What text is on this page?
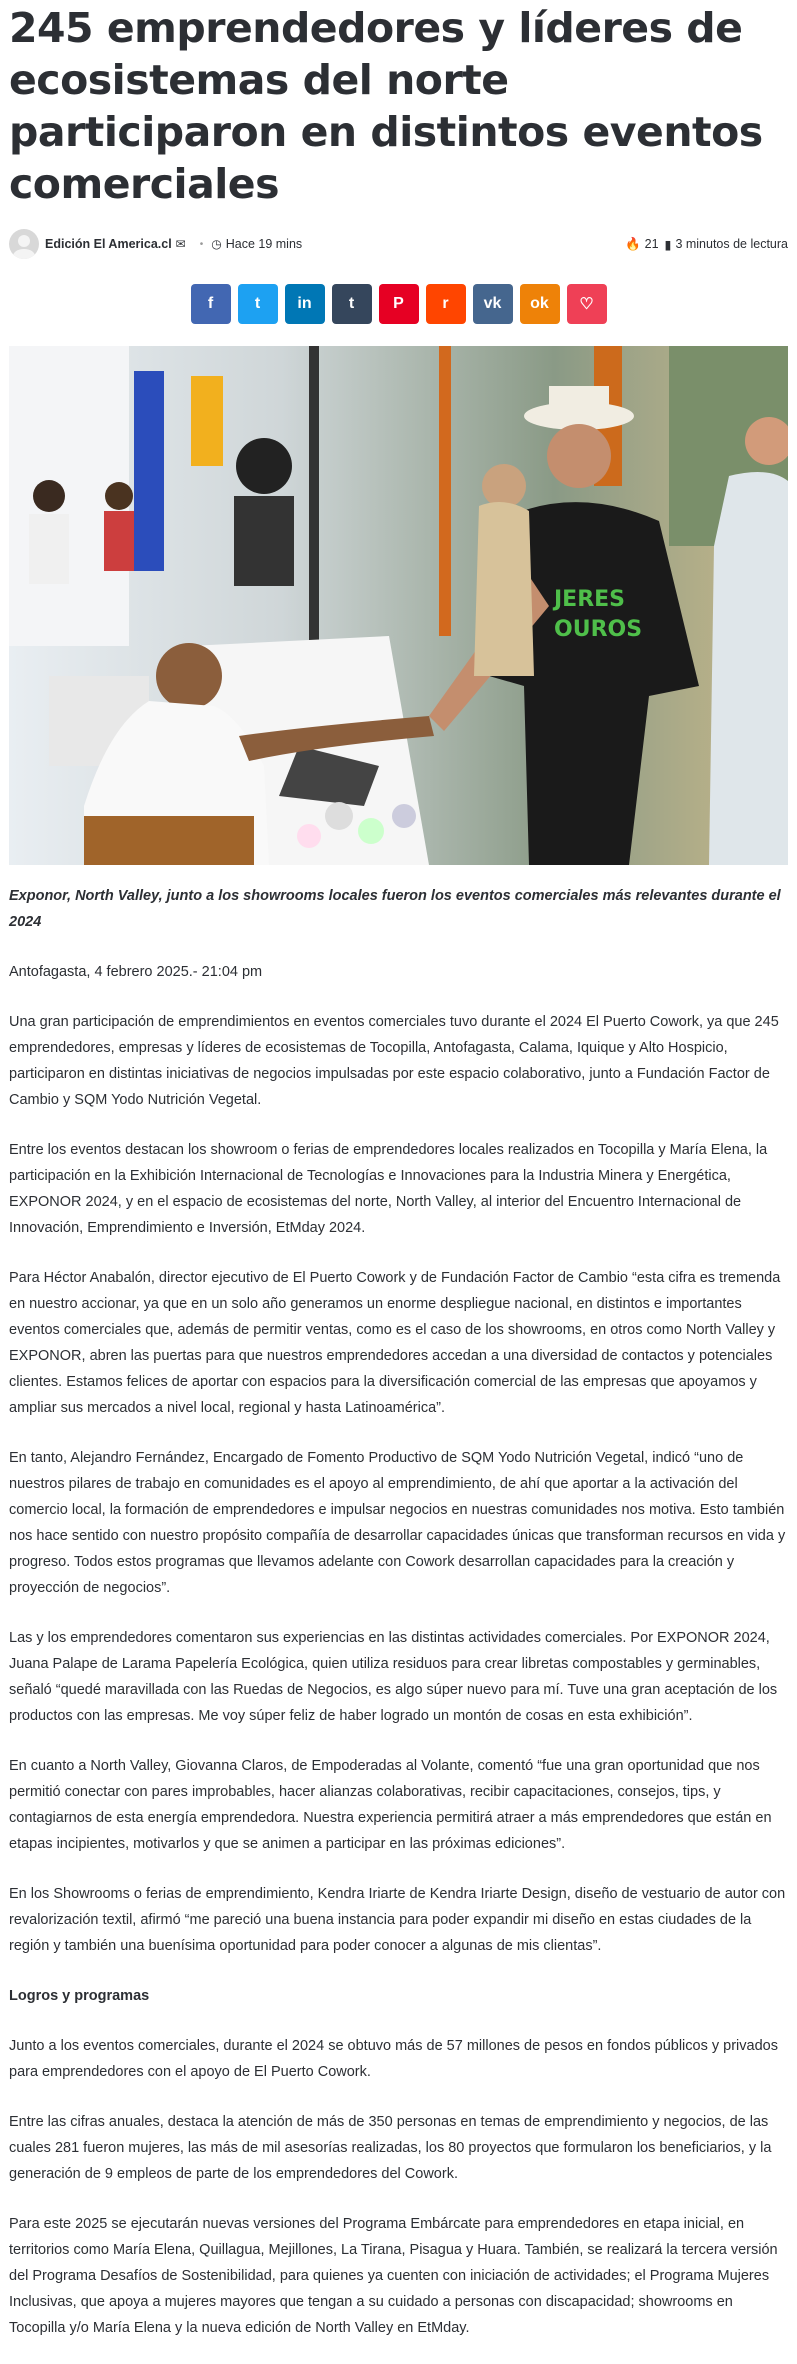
245 emprendedores y líderes de ecosistemas del norte participaron en distintos eventos comerciales
Edición El America.cl ✉ • ◷ Hace 19 mins	🔥 21 ▮ 3 minutos de lectura
f	t in t P r vk ok ♡
JERES
OUROS

Exponor, North Valley, junto a los showrooms locales fueron los eventos comerciales más relevantes durante el 2024

Antofagasta, 4 febrero 2025.- 21:04 pm

Una gran participación de emprendimientos en eventos comerciales tuvo durante el 2024 El Puerto Cowork, ya que 245 emprendedores, empresas y líderes de ecosistemas de Tocopilla, Antofagasta, Calama, Iquique y Alto Hospicio, participaron en distintas iniciativas de negocios impulsadas por este espacio colaborativo, junto a Fundación Factor de Cambio y SQM Yodo Nutrición Vegetal.

Entre los eventos destacan los showroom o ferias de emprendedores locales realizados en Tocopilla y María Elena, la participación en la Exhibición Internacional de Tecnologías e Innovaciones para la Industria Minera y Energética, EXPONOR 2024, y en el espacio de ecosistemas del norte, North Valley, al interior del Encuentro Internacional de Innovación, Emprendimiento e Inversión, EtMday 2024.

Para Héctor Anabalón, director ejecutivo de El Puerto Cowork y de Fundación Factor de Cambio “esta cifra es tremenda en nuestro accionar, ya que en un solo año generamos un enorme despliegue nacional, en distintos e importantes eventos comerciales que, además de permitir ventas, como es el caso de los showrooms, en otros como North Valley y EXPONOR, abren las puertas para que nuestros emprendedores accedan a una diversidad de contactos y potenciales clientes. Estamos felices de aportar con espacios para la diversificación comercial de las empresas que apoyamos y ampliar sus mercados a nivel local, regional y hasta Latinoamérica”.

En tanto, Alejandro Fernández, Encargado de Fomento Productivo de SQM Yodo Nutrición Vegetal, indicó “uno de nuestros pilares de trabajo en comunidades es el apoyo al emprendimiento, de ahí que aportar a la activación del comercio local, la formación de emprendedores e impulsar negocios en nuestras comunidades nos motiva. Esto también nos hace sentido con nuestro propósito compañía de desarrollar capacidades únicas que transforman recursos en vida y progreso. Todos estos programas que llevamos adelante con Cowork desarrollan capacidades para la creación y proyección de negocios”.

Las y los emprendedores comentaron sus experiencias en las distintas actividades comerciales. Por EXPONOR 2024, Juana Palape de Larama Papelería Ecológica, quien utiliza residuos para crear libretas compostables y germinables, señaló “quedé maravillada con las Ruedas de Negocios, es algo súper nuevo para mí. Tuve una gran aceptación de los productos con las empresas. Me voy súper feliz de haber logrado un montón de cosas en esta exhibición”.

En cuanto a North Valley, Giovanna Claros, de Empoderadas al Volante, comentó “fue una gran oportunidad que nos permitió conectar con pares improbables, hacer alianzas colaborativas, recibir capacitaciones, consejos, tips, y contagiarnos de esta energía emprendedora. Nuestra experiencia permitirá atraer a más emprendedores que están en etapas incipientes, motivarlos y que se animen a participar en las próximas ediciones”.

En los Showrooms o ferias de emprendimiento, Kendra Iriarte de Kendra Iriarte Design, diseño de vestuario de autor con revalorización textil, afirmó “me pareció una buena instancia para poder expandir mi diseño en estas ciudades de la región y también una buenísima oportunidad para poder conocer a algunas de mis clientas”.

Logros y programas

Junto a los eventos comerciales, durante el 2024 se obtuvo más de 57 millones de pesos en fondos públicos y privados para emprendedores con el apoyo de El Puerto Cowork.

Entre las cifras anuales, destaca la atención de más de 350 personas en temas de emprendimiento y negocios, de las cuales 281 fueron mujeres, las más de mil asesorías realizadas, los 80 proyectos que formularon los beneficiarios, y la generación de 9 empleos de parte de los emprendedores del Cowork.

Para este 2025 se ejecutarán nuevas versiones del Programa Embárcate para emprendedores en etapa inicial, en territorios como María Elena, Quillagua, Mejillones, La Tirana, Pisagua y Huara. También, se realizará la tercera versión del Programa Desafíos de Sostenibilidad, para quienes ya cuenten con iniciación de actividades; el Programa Mujeres Inclusivas, que apoya a mujeres mayores que tengan a su cuidado a personas con discapacidad; showrooms en Tocopilla y/o María Elena y la nueva edición de North Valley en EtMday.
